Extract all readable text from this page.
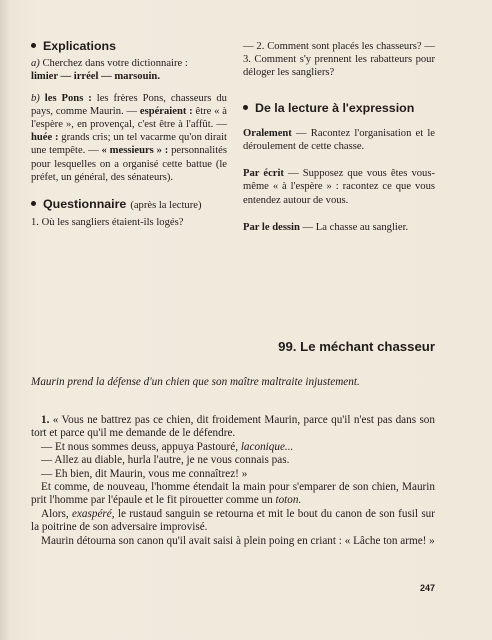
Explications

a) Cherchez dans votre dictionnaire :
limier — irréel — marsouin.

b) les Pons : les frères Pons, chasseurs du pays, comme Maurin. — espéraient : être « à l'espère », en provençal, c'est être à l'affût. — huée : grands cris; un tel vacarme qu'on dirait une tempête. — « messieurs » : personnalités pour lesquelles on a organisé cette battue (le préfet, un général, des sénateurs).

Questionnaire (après la lecture)

1. Où les sangliers étaient-ils logés?

— 2. Comment sont placés les chasseurs? — 3. Comment s'y prennent les rabatteurs pour déloger les sangliers?

De la lecture à l'expression

Oralement — Racontez l'organisation et le déroulement de cette chasse.

Par écrit — Supposez que vous êtes vous-même « à l'espère » : racontez ce que vous entendez autour de vous.

Par le dessin — La chasse au sanglier.

99. Le méchant chasseur

Maurin prend la défense d'un chien que son maître maltraite injustement.

1. « Vous ne battrez pas ce chien, dit froidement Maurin, parce qu'il n'est pas dans son tort et parce qu'il me demande de le défendre.

— Et nous sommes deuss, appuya Pastouré, laconique...

— Allez au diable, hurla l'autre, je ne vous connais pas.

— Eh bien, dit Maurin, vous me connaîtrez! »

Et comme, de nouveau, l'homme étendait la main pour s'emparer de son chien, Maurin prit l'homme par l'épaule et le fit pirouetter comme un toton.

Alors, exaspéré, le rustaud sanguin se retourna et mit le bout du canon de son fusil sur la poitrine de son adversaire improvisé.

Maurin détourna son canon qu'il avait saisi à plein poing en criant : « Lâche ton arme! »

247
